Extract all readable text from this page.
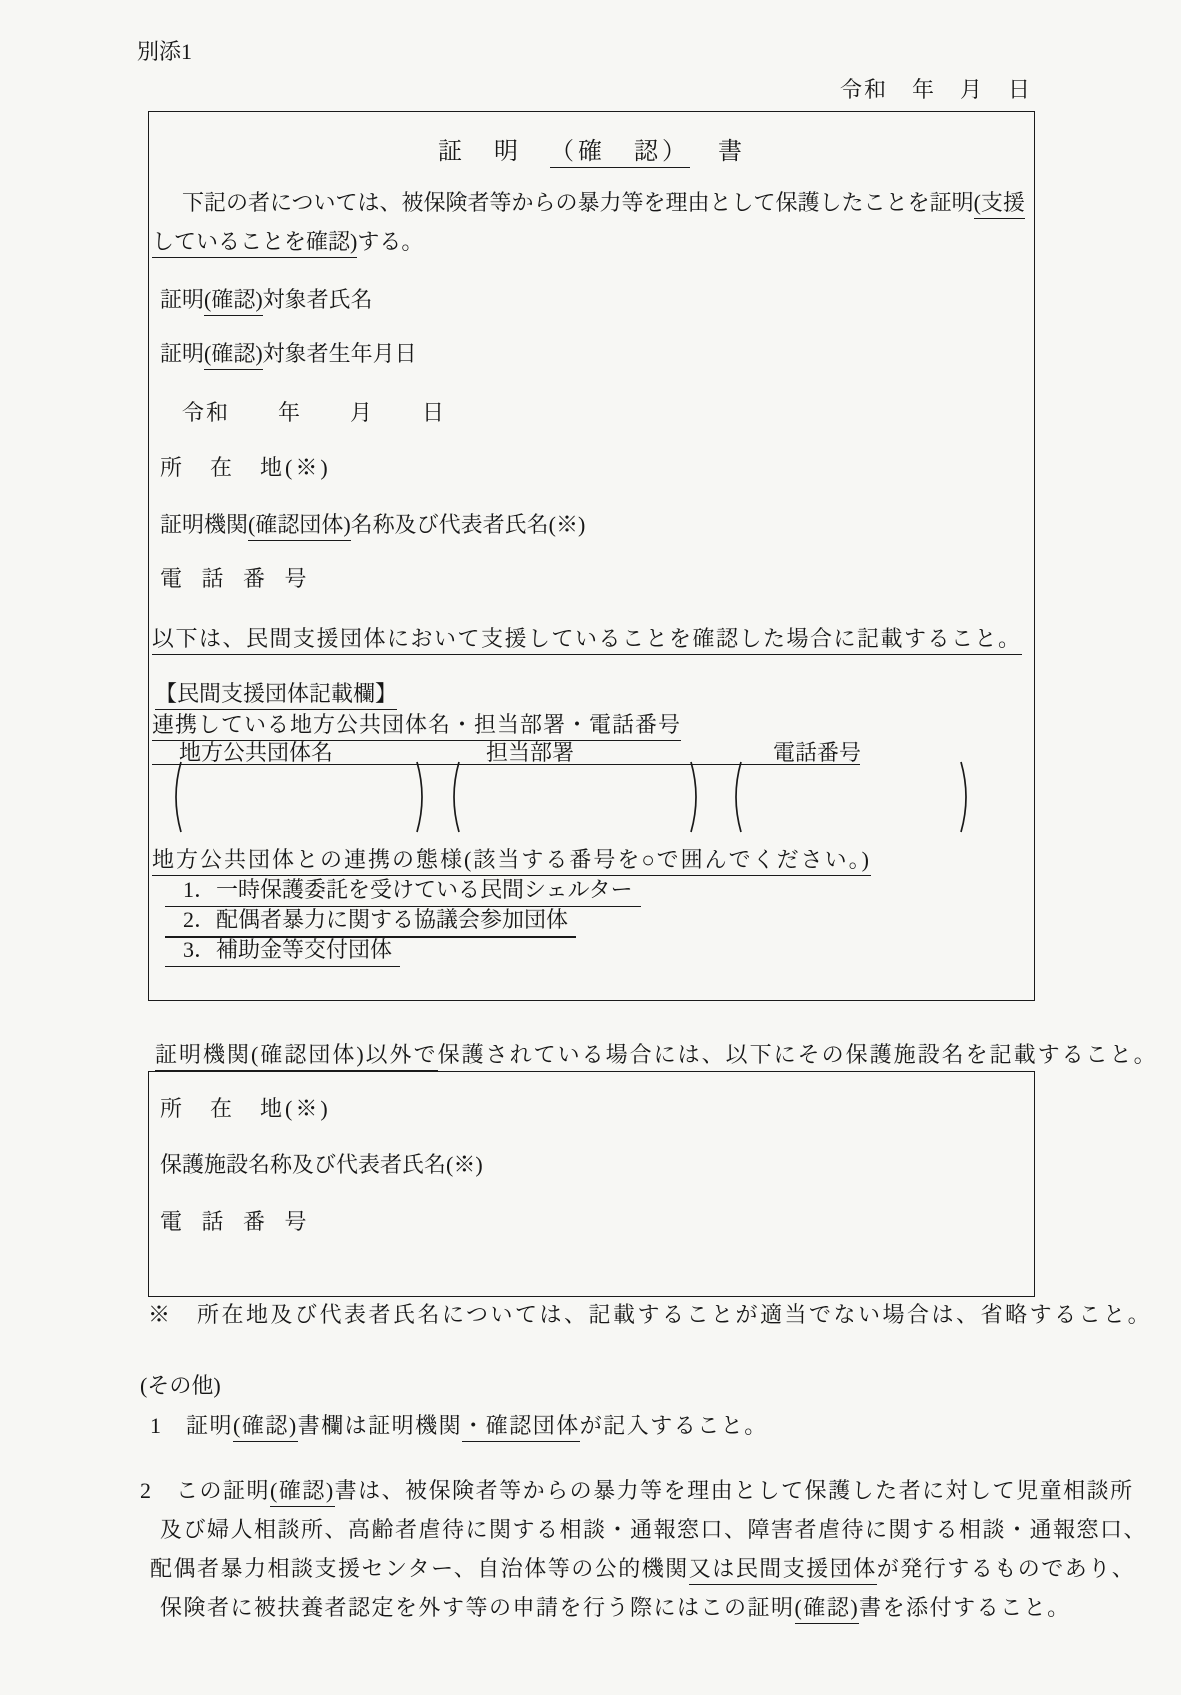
別添1
令和　年　月　日
証　明　（確　認）　書
　下記の者については、被保険者等からの暴力等を理由として保護したことを証明(支援
していることを確認)する。
証明(確認)対象者氏名
証明(確認)対象者生年月日
令和　　年　　月　　日
所　在　地(※)
証明機関(確認団体)名称及び代表者氏名(※)
電 話 番 号
以下は、民間支援団体において支援していることを確認した場合に記載すること。
【民間支援団体記載欄】
連携している地方公共団体名・担当部署・電話番号
地方公共団体名	担当部署	電話番号
地方公共団体との連携の態様(該当する番号を○で囲んでください。)
1．一時保護委託を受けている民間シェルター
2．配偶者暴力に関する協議会参加団体
3．補助金等交付団体
証明機関(確認団体)以外で保護されている場合には、以下にその保護施設名を記載すること。
所　在　地(※)
保護施設名称及び代表者氏名(※)
電 話 番 号
※　所在地及び代表者氏名については、記載することが適当でない場合は、省略すること。
(その他)
1　証明(確認)書欄は証明機関・確認団体が記入すること。
2　この証明(確認)書は、被保険者等からの暴力等を理由として保護した者に対して児童相談所
及び婦人相談所、高齢者虐待に関する相談・通報窓口、障害者虐待に関する相談・通報窓口、
配偶者暴力相談支援センター、自治体等の公的機関又は民間支援団体が発行するものであり、
保険者に被扶養者認定を外す等の申請を行う際にはこの証明(確認)書を添付すること。
